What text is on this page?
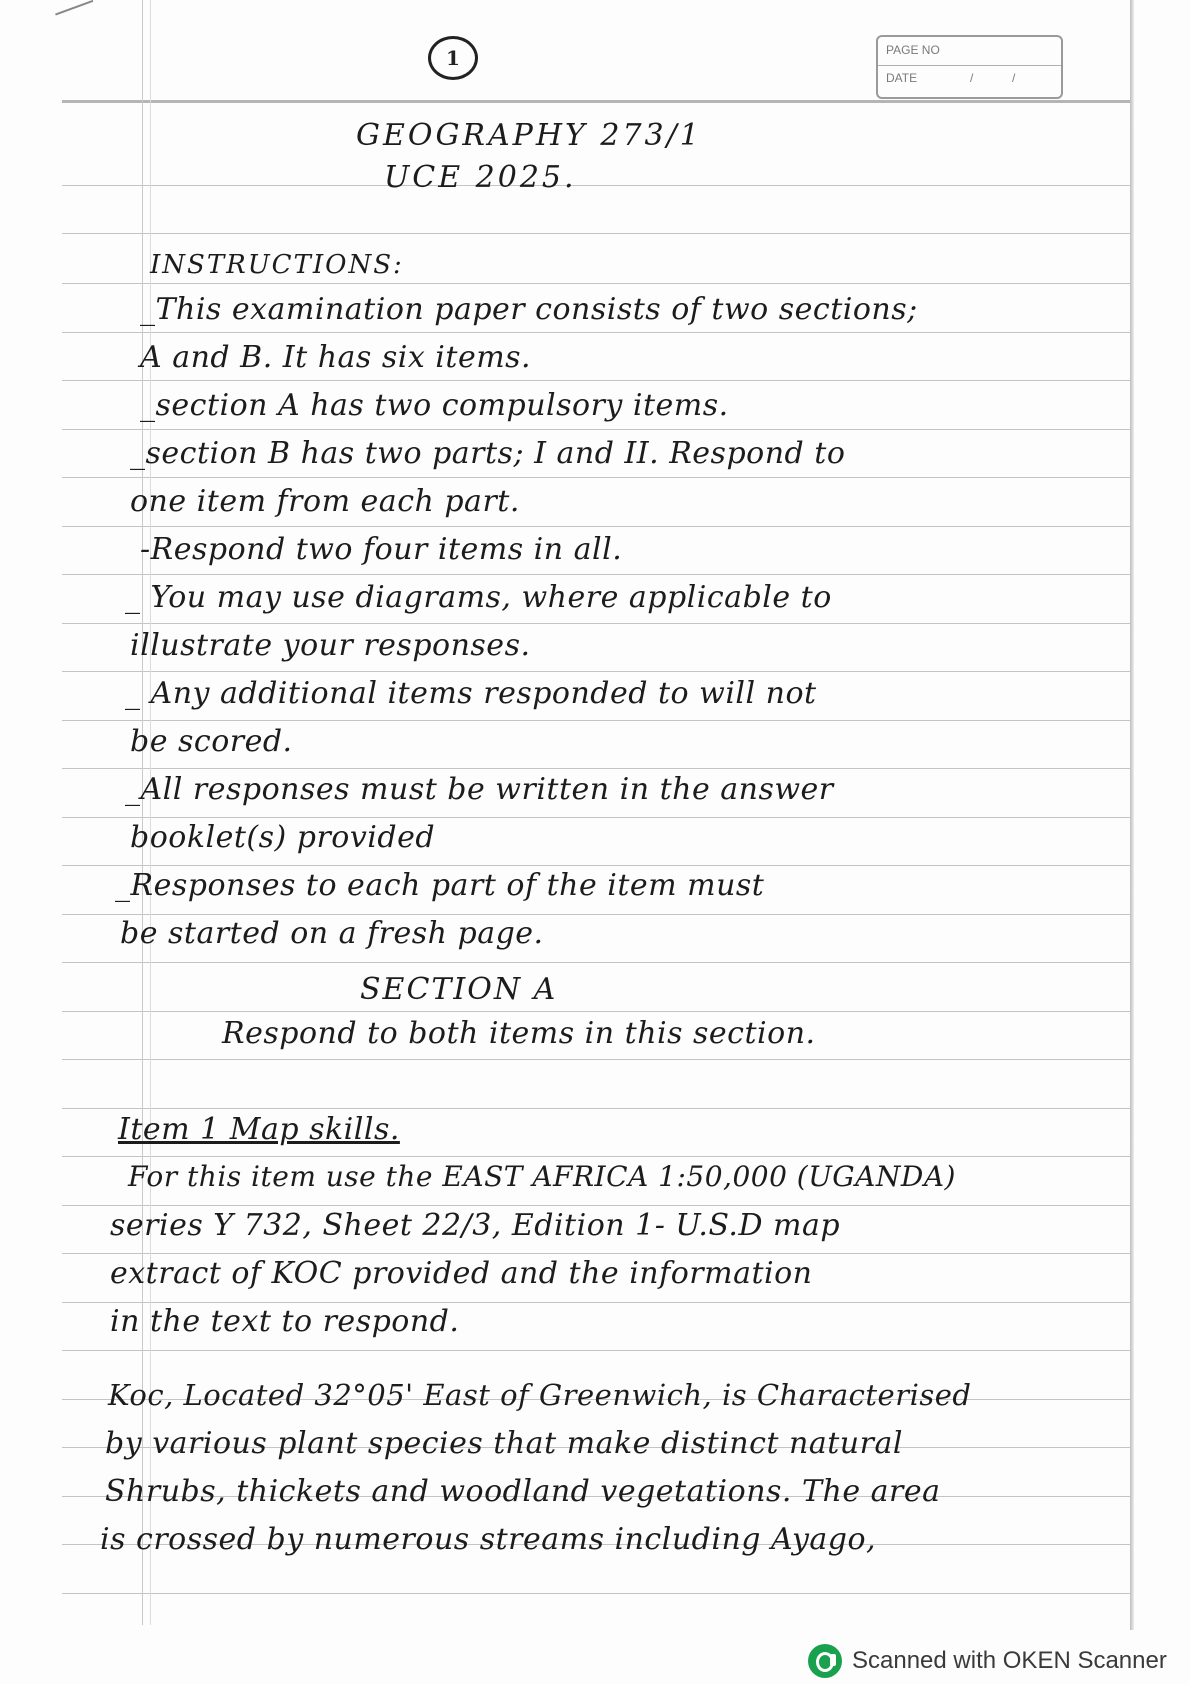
1	PAGE NO
DATE	/	/
GEOGRAPHY 273/1
UCE 2025.
INSTRUCTIONS:
_This examination paper consists of two sections;
A and B. It has six items.
_section A has two compulsory items.
_section B has two parts; I and II. Respond to
one item from each part.
-Respond two four items in all.
_ You may use diagrams, where applicable to
illustrate your responses.
_ Any additional items responded to will not
be scored.
_All responses must be written in the answer
booklet(s) provided
_Responses to each part of the item must
be started on a fresh page.
SECTION A
Respond to both items in this section.
Item 1 Map skills.
For this item use the EAST AFRICA 1:50,000 (UGANDA)
series Y 732, Sheet 22/3, Edition 1- U.S.D map
extract of KOC provided and the information
in the text to respond.
Koc, Located 32°05' East of Greenwich, is Characterised
by various plant species that make distinct natural
Shrubs, thickets and woodland vegetations. The area
is crossed by numerous streams including Ayago,
Scanned with OKEN Scanner
